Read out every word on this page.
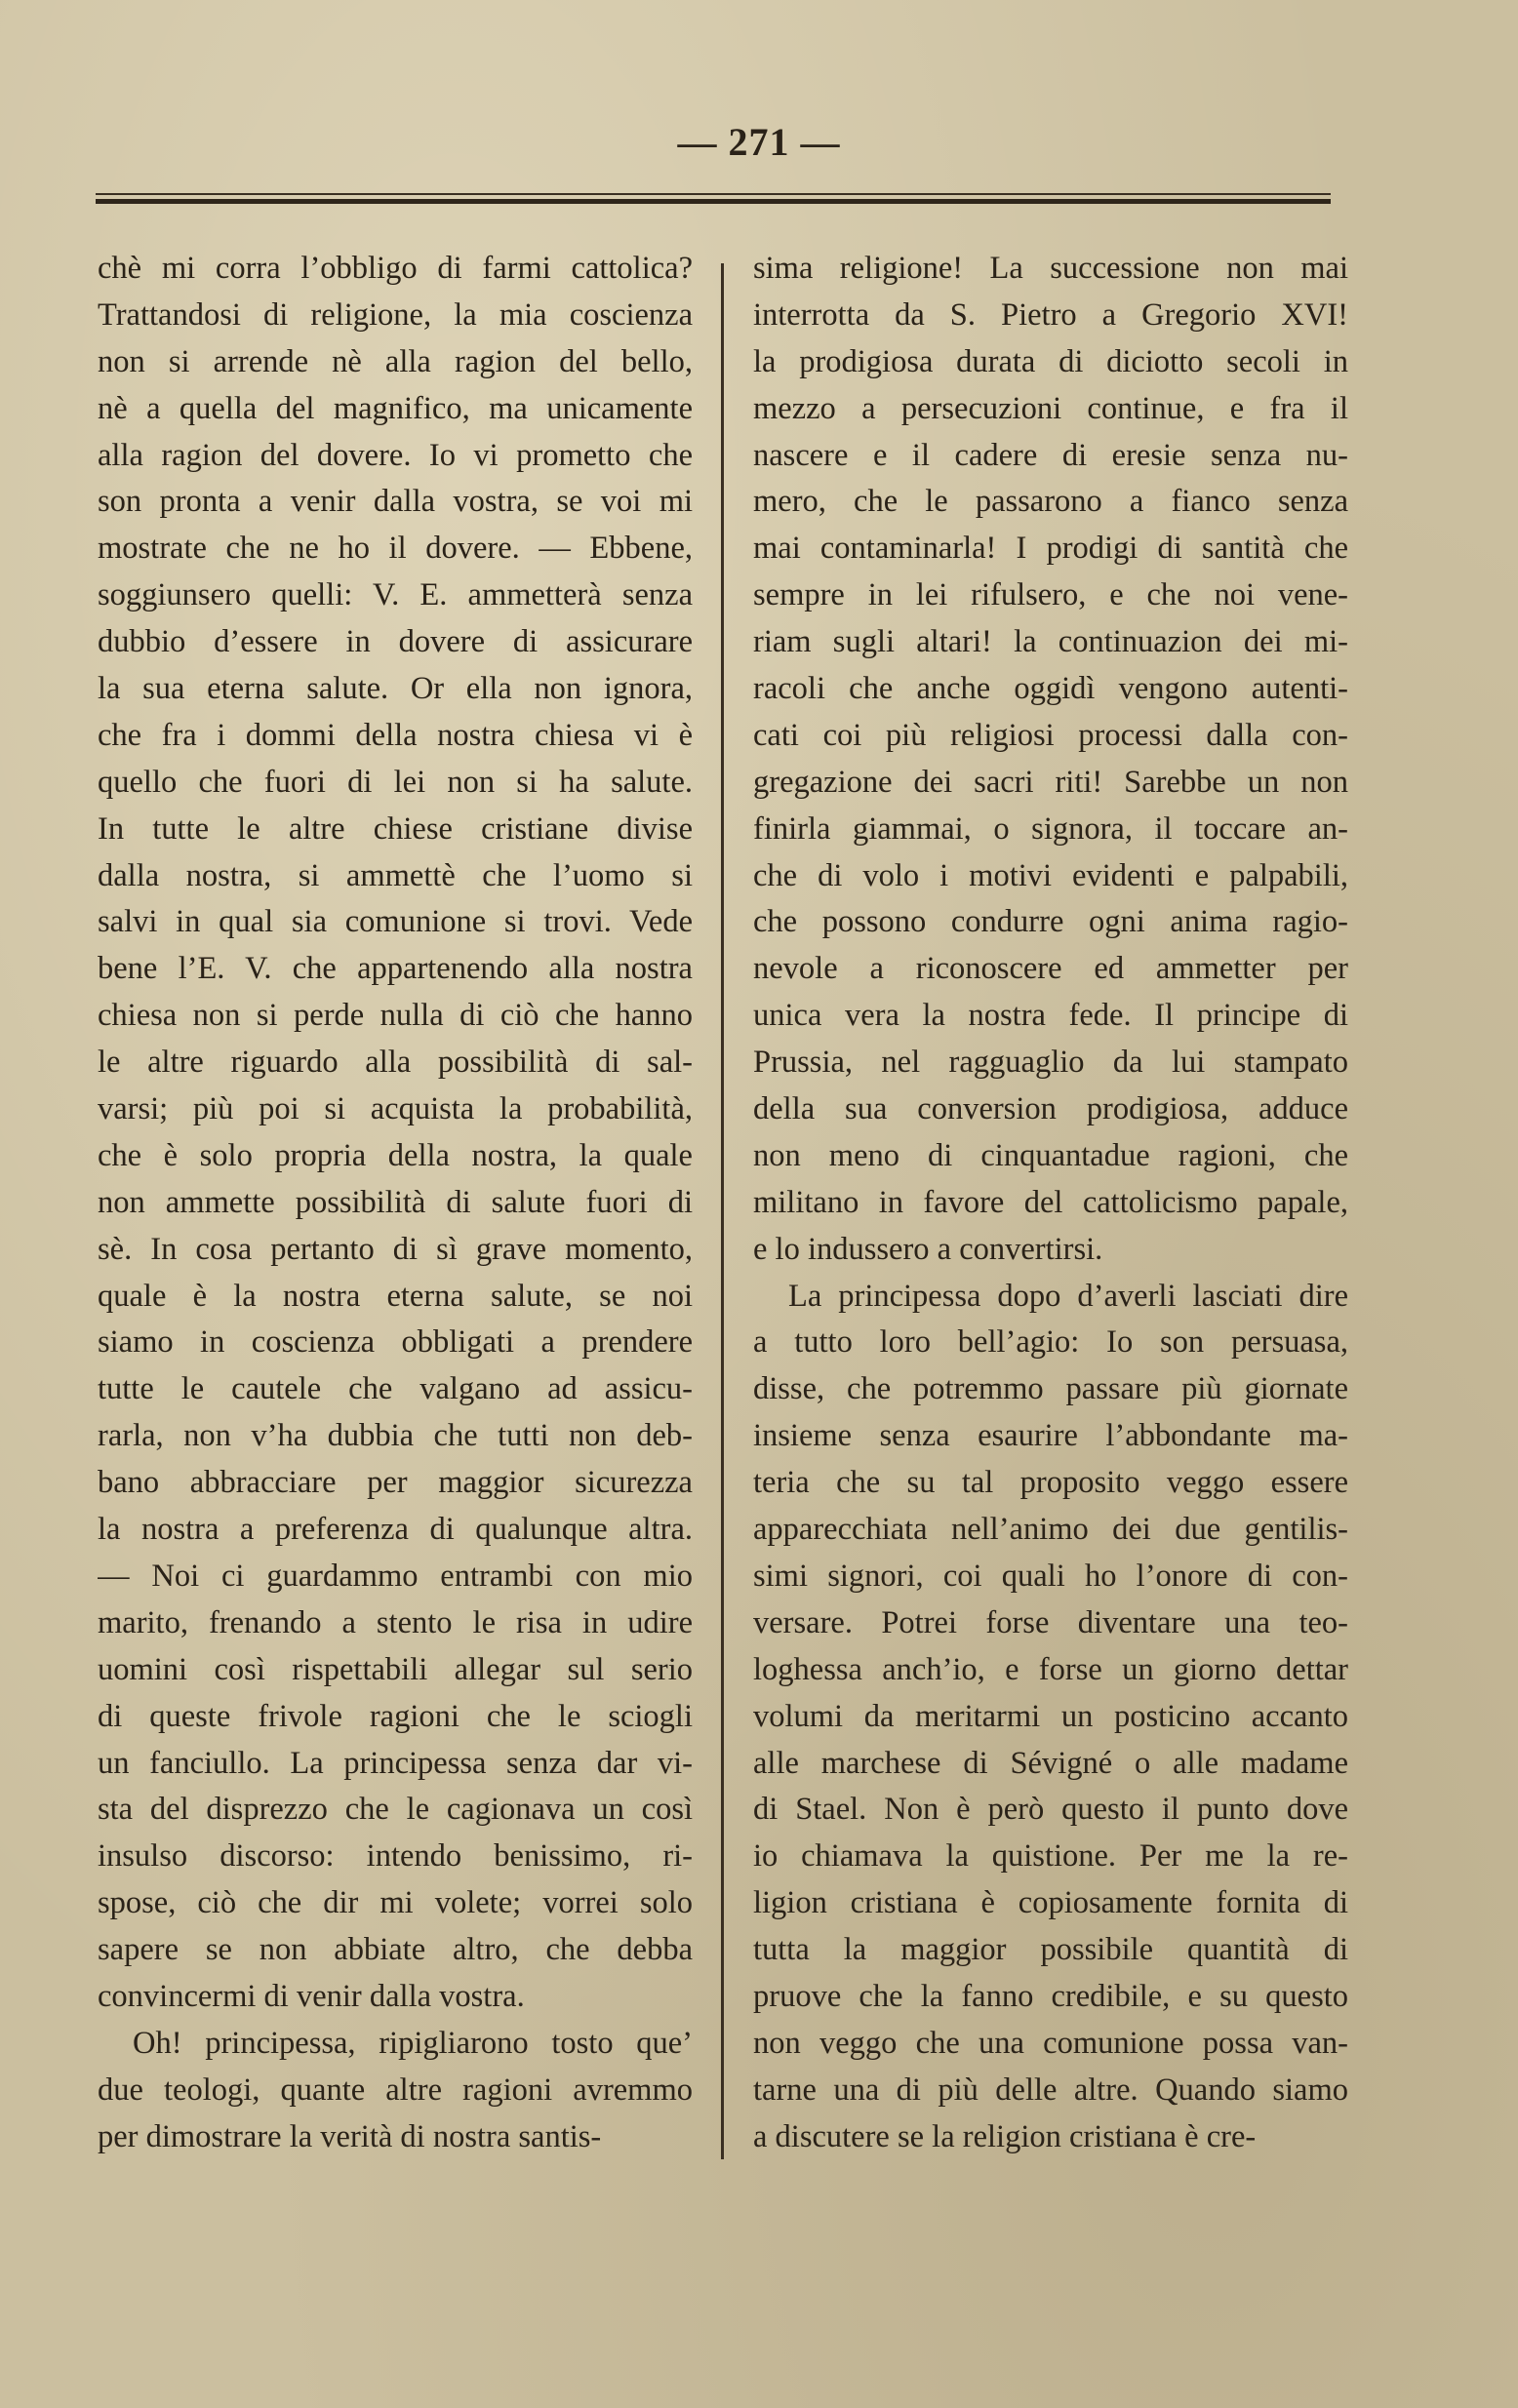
— 271 —
chè mi corra l’obbligo di farmi cattolica?
Trattandosi di religione, la mia coscienza
non si arrende nè alla ragion del bello,
nè a quella del magnifico, ma unicamente
alla ragion del dovere. Io vi prometto che
son pronta a venir dalla vostra, se voi mi
mostrate che ne ho il dovere. — Ebbene,
soggiunsero quelli: V. E. ammetterà senza
dubbio d’essere in dovere di assicurare
la sua eterna salute. Or ella non ignora,
che fra i dommi della nostra chiesa vi è
quello che fuori di lei non si ha salute.
In tutte le altre chiese cristiane divise
dalla nostra, si ammettè che l’uomo si
salvi in qual sia comunione si trovi. Vede
bene l’E. V. che appartenendo alla nostra
chiesa non si perde nulla di ciò che hanno
le altre riguardo alla possibilità di sal-
varsi; più poi si acquista la probabilità,
che è solo propria della nostra, la quale
non ammette possibilità di salute fuori di
sè. In cosa pertanto di sì grave momento,
quale è la nostra eterna salute, se noi
siamo in coscienza obbligati a prendere
tutte le cautele che valgano ad assicu-
rarla, non v’ha dubbia che tutti non deb-
bano abbracciare per maggior sicurezza
la nostra a preferenza di qualunque altra.
— Noi ci guardammo entrambi con mio
marito, frenando a stento le risa in udire
uomini così rispettabili allegar sul serio
di queste frivole ragioni che le sciogli
un fanciullo. La principessa senza dar vi-
sta del disprezzo che le cagionava un così
insulso discorso: intendo benissimo, ri-
spose, ciò che dir mi volete; vorrei solo
sapere se non abbiate altro, che debba
convincermi di venir dalla vostra.
Oh! principessa, ripigliarono tosto que’
due teologi, quante altre ragioni avremmo
per dimostrare la verità di nostra santis-
sima religione! La successione non mai
interrotta da S. Pietro a Gregorio XVI!
la prodigiosa durata di diciotto secoli in
mezzo a persecuzioni continue, e fra il
nascere e il cadere di eresie senza nu-
mero, che le passarono a fianco senza
mai contaminarla! I prodigi di santità che
sempre in lei rifulsero, e che noi vene-
riam sugli altari! la continuazion dei mi-
racoli che anche oggidì vengono autenti-
cati coi più religiosi processi dalla con-
gregazione dei sacri riti! Sarebbe un non
finirla giammai, o signora, il toccare an-
che di volo i motivi evidenti e palpabili,
che possono condurre ogni anima ragio-
nevole a riconoscere ed ammetter per
unica vera la nostra fede. Il principe di
Prussia, nel ragguaglio da lui stampato
della sua conversion prodigiosa, adduce
non meno di cinquantadue ragioni, che
militano in favore del cattolicismo papale,
e lo indussero a convertirsi.
La principessa dopo d’averli lasciati dire
a tutto loro bell’agio: Io son persuasa,
disse, che potremmo passare più giornate
insieme senza esaurire l’abbondante ma-
teria che su tal proposito veggo essere
apparecchiata nell’animo dei due gentilis-
simi signori, coi quali ho l’onore di con-
versare. Potrei forse diventare una teo-
loghessa anch’io, e forse un giorno dettar
volumi da meritarmi un posticino accanto
alle marchese di Sévigné o alle madame
di Stael. Non è però questo il punto dove
io chiamava la quistione. Per me la re-
ligion cristiana è copiosamente fornita di
tutta la maggior possibile quantità di
pruove che la fanno credibile, e su questo
non veggo che una comunione possa van-
tarne una di più delle altre. Quando siamo
a discutere se la religion cristiana è cre-
